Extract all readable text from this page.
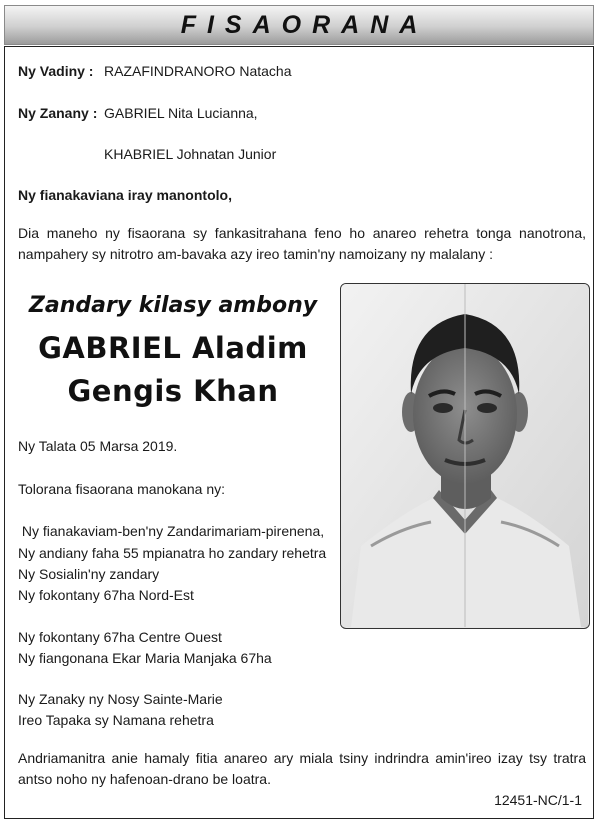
FISAORANA
Ny Vadiny : RAZAFINDRANORO Natacha
Ny Zanany : GABRIEL Nita Lucianna,
KHABRIEL Johnatan Junior
Ny fianakaviana iray manontolo,
Dia maneho ny fisaorana sy fankasitrahana feno ho anareo rehetra tonga nanotrona, nampahery sy nitrotro am-bavaka azy ireo tamin'ny namoizany ny malalany :
Zandary kilasy ambony
GABRIEL Aladim
Gengis Khan
Ny Talata 05 Marsa 2019.
Tolorana fisaorana manokana ny:
Ny fianakaviam-ben'ny Zandarimariam-pirenena,
Ny andiany faha 55 mpianatra ho zandary rehetra
Ny Sosialin'ny zandary
Ny fokontany 67ha Nord-Est
Ny fokontany 67ha Centre Ouest
Ny fiangonana Ekar Maria Manjaka 67ha
Ny Zanaky ny Nosy Sainte-Marie
Ireo Tapaka sy Namana rehetra
Andriamanitra anie hamaly fitia anareo ary miala tsiny indrindra amin'ireo izay tsy tratra antso noho ny hafenoan-drano be loatra.
12451-NC/1-1
